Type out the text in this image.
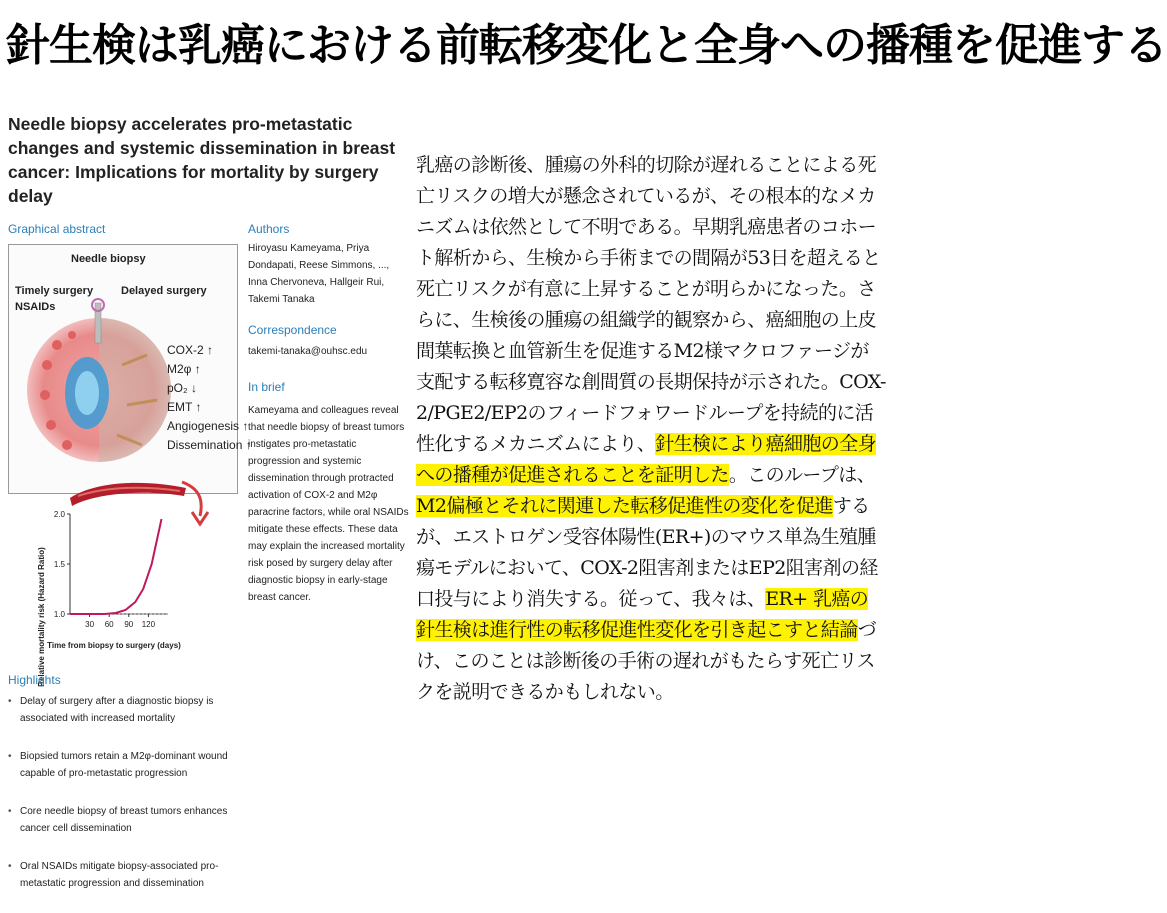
針生検は乳癌における前転移変化と全身への播種を促進する
Needle biopsy accelerates pro-metastatic changes and systemic dissemination in breast cancer: Implications for mortality by surgery delay
Graphical abstract	Authors
Hiroyasu Kameyama, Priya Dondapati, Reese Simmons, ..., Inna Chervoneva, Hallgeir Rui, Takemi Tanaka
Correspondence
takemi-tanaka@ouhsc.edu
In brief
Kameyama and colleagues reveal that needle biopsy of breast tumors instigates pro-metastatic progression and systemic dissemination through protracted activation of COX-2 and M2φ paracrine factors, while oral NSAIDs mitigate these effects. These data may explain the increased mortality risk posed by surgery delay after diagnostic biopsy in early-stage breast cancer.
Needle biopsy
Timely surgery
NSAIDs
Delayed surgery
COX-2 ↑
M2φ ↑
pO₂ ↓
EMT ↑
Angiogenesis ↑
Dissemination ↑
1.0
1.5
2.0
30 60 90 120
Relative mortality risk (Hazard Ratio) Time from biopsy to surgery (days)
Highlights
• Delay of surgery after a diagnostic biopsy is associated with increased mortality
• Biopsied tumors retain a M2φ-dominant wound capable of pro-metastatic progression
• Core needle biopsy of breast tumors enhances cancer cell dissemination
• Oral NSAIDs mitigate biopsy-associated pro-metastatic progression and dissemination
乳癌の診断後、腫瘍の外科的切除が遅れることによる死亡リスクの増大が懸念されているが、その根本的なメカニズムは依然として不明である。早期乳癌患者のコホート解析から、生検から手術までの間隔が53日を超えると死亡リスクが有意に上昇することが明らかになった。さらに、生検後の腫瘍の組織学的観察から、癌細胞の上皮間葉転換と血管新生を促進するM2様マクロファージが支配する転移寛容な創間質の長期保持が示された。COX-2/PGE2/EP2のフィードフォワードループを持続的に活性化するメカニズムにより、針生検により癌細胞の全身への播種が促進されることを証明した。このループは、M2偏極とそれに関連した転移促進性の変化を促進するが、エストロゲン受容体陽性(ER+)のマウス単為生殖腫瘍モデルにおいて、COX-2阻害剤またはEP2阻害剤の経口投与により消失する。従って、我々は、ER+ 乳癌の針生検は進行性の転移促進性変化を引き起こすと結論づけ、このことは診断後の手術の遅れがもたらす死亡リスクを説明できるかもしれない。
